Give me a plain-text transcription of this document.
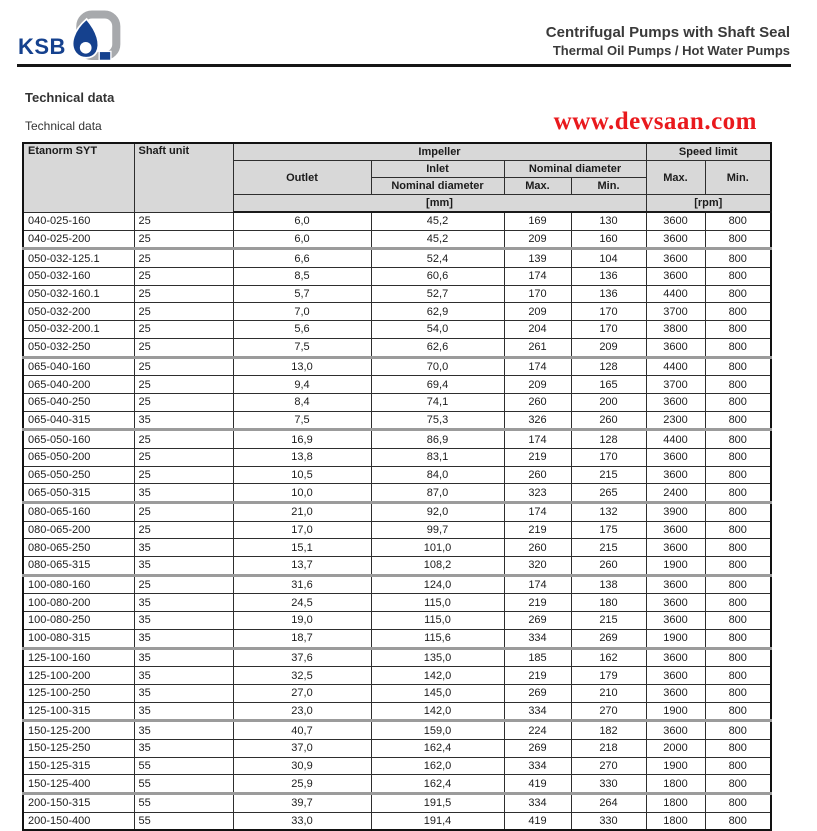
KSB
Centrifugal Pumps with Shaft Seal
Thermal Oil Pumps / Hot Water Pumps
Technical data
Technical data	www.devsaan.com
Etanorm SYT	Shaft unit	Impeller				Speed limit	
		Outlet	Inlet	Nominal diameter		Max.	Min.
			Nominal diameter	Max.	Min.		
		[mm]				[rpm]	
040-025-160	25	6,0	45,2	169	130	3600	800
040-025-200	25	6,0	45,2	209	160	3600	800
050-032-125.1	25	6,6	52,4	139	104	3600	800
050-032-160	25	8,5	60,6	174	136	3600	800
050-032-160.1	25	5,7	52,7	170	136	4400	800
050-032-200	25	7,0	62,9	209	170	3700	800
050-032-200.1	25	5,6	54,0	204	170	3800	800
050-032-250	25	7,5	62,6	261	209	3600	800
065-040-160	25	13,0	70,0	174	128	4400	800
065-040-200	25	9,4	69,4	209	165	3700	800
065-040-250	25	8,4	74,1	260	200	3600	800
065-040-315	35	7,5	75,3	326	260	2300	800
065-050-160	25	16,9	86,9	174	128	4400	800
065-050-200	25	13,8	83,1	219	170	3600	800
065-050-250	25	10,5	84,0	260	215	3600	800
065-050-315	35	10,0	87,0	323	265	2400	800
080-065-160	25	21,0	92,0	174	132	3900	800
080-065-200	25	17,0	99,7	219	175	3600	800
080-065-250	35	15,1	101,0	260	215	3600	800
080-065-315	35	13,7	108,2	320	260	1900	800
100-080-160	25	31,6	124,0	174	138	3600	800
100-080-200	35	24,5	115,0	219	180	3600	800
100-080-250	35	19,0	115,0	269	215	3600	800
100-080-315	35	18,7	115,6	334	269	1900	800
125-100-160	35	37,6	135,0	185	162	3600	800
125-100-200	35	32,5	142,0	219	179	3600	800
125-100-250	35	27,0	145,0	269	210	3600	800
125-100-315	35	23,0	142,0	334	270	1900	800
150-125-200	35	40,7	159,0	224	182	3600	800
150-125-250	35	37,0	162,4	269	218	2000	800
150-125-315	55	30,9	162,0	334	270	1900	800
150-125-400	55	25,9	162,4	419	330	1800	800
200-150-315	55	39,7	191,5	334	264	1800	800
200-150-400	55	33,0	191,4	419	330	1800	800
